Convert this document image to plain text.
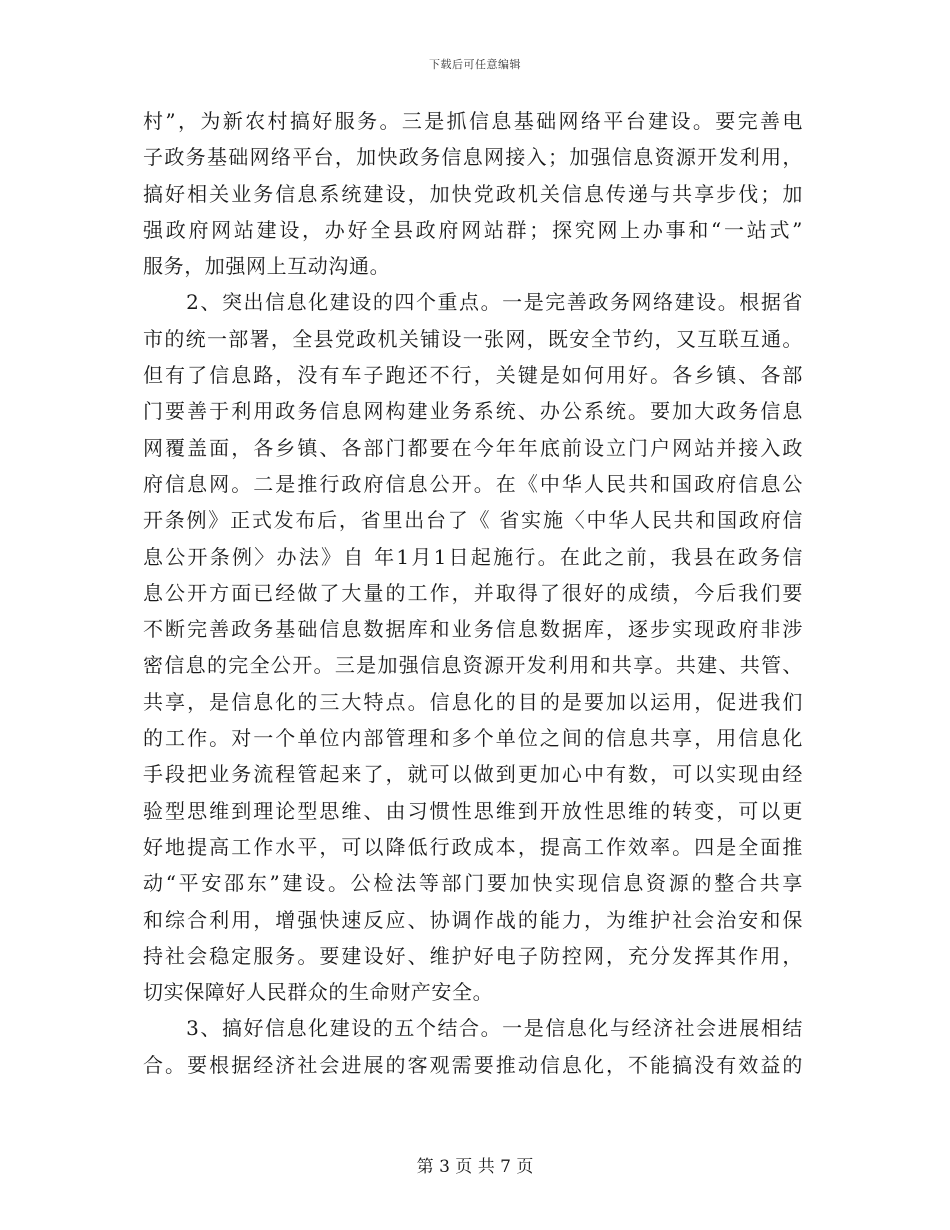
下载后可任意编辑
村”，为新农村搞好服务。三是抓信息基础网络平台建设。要完善电
子政务基础网络平台，加快政务信息网接入；加强信息资源开发利用，
搞好相关业务信息系统建设，加快党政机关信息传递与共享步伐；加
强政府网站建设，办好全县政府网站群；探究网上办事和“一站式”
服务，加强网上互动沟通。
　　2、突出信息化建设的四个重点。一是完善政务网络建设。根据省
市的统一部署，全县党政机关铺设一张网，既安全节约，又互联互通。
但有了信息路，没有车子跑还不行，关键是如何用好。各乡镇、各部
门要善于利用政务信息网构建业务系统、办公系统。要加大政务信息
网覆盖面，各乡镇、各部门都要在今年年底前设立门户网站并接入政
府信息网。二是推行政府信息公开。在《中华人民共和国政府信息公
开条例》正式发布后，省里出台了《 省实施〈中华人民共和国政府信
息公开条例〉办法》自 年1月1日起施行。在此之前，我县在政务信
息公开方面已经做了大量的工作，并取得了很好的成绩，今后我们要
不断完善政务基础信息数据库和业务信息数据库，逐步实现政府非涉
密信息的完全公开。三是加强信息资源开发利用和共享。共建、共管、
共享，是信息化的三大特点。信息化的目的是要加以运用，促进我们
的工作。对一个单位内部管理和多个单位之间的信息共享，用信息化
手段把业务流程管起来了，就可以做到更加心中有数，可以实现由经
验型思维到理论型思维、由习惯性思维到开放性思维的转变，可以更
好地提高工作水平，可以降低行政成本，提高工作效率。四是全面推
动“平安邵东”建设。公检法等部门要加快实现信息资源的整合共享
和综合利用，增强快速反应、协调作战的能力，为维护社会治安和保
持社会稳定服务。要建设好、维护好电子防控网，充分发挥其作用，
切实保障好人民群众的生命财产安全。
　　3、搞好信息化建设的五个结合。一是信息化与经济社会进展相结
合。要根据经济社会进展的客观需要推动信息化，不能搞没有效益的
第 3 页 共 7 页
